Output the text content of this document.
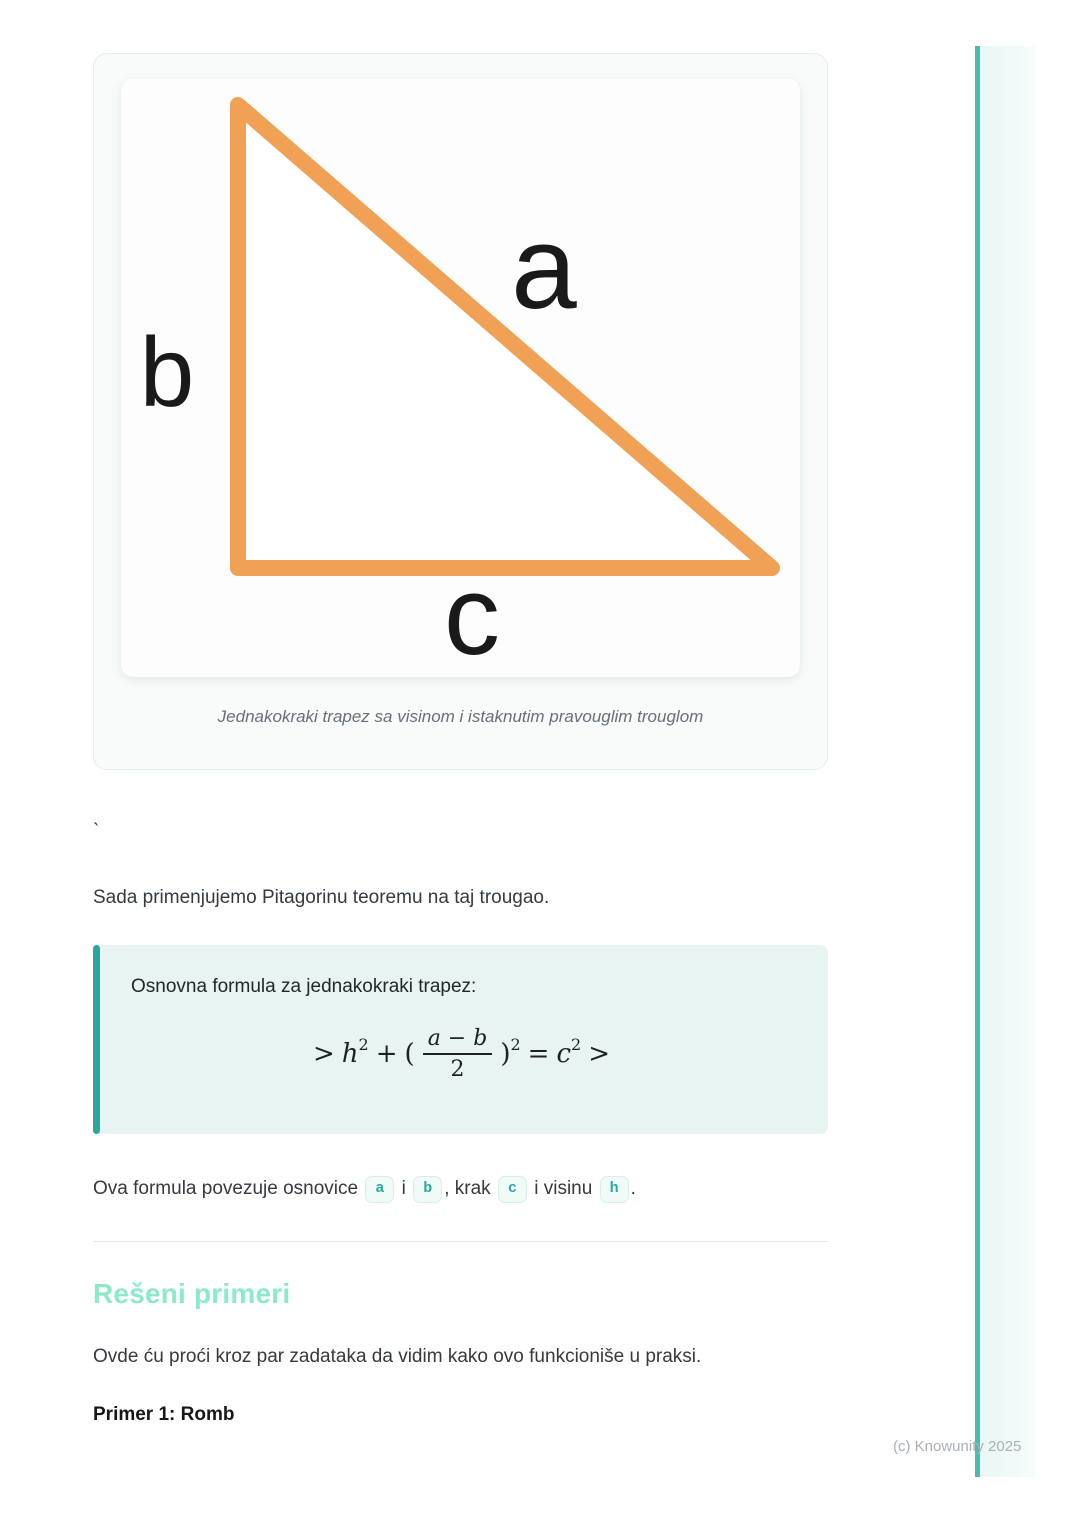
a
b
c
Jednakokraki trapez sa visinom i istaknutim pravouglim trouglom
`

Sada primenjujemo Pitagorinu teoremu na taj trougao.

Osnovna formula za jednakokraki trapez:
> $h^2$ + ( $\frac{a - b}{2} )^2 = c^2$ >

Ova formula povezuje osnovice a i b , krak c i visinu h .

Rešeni primeri

Ovde ću proći kroz par zadataka da vidim kako ovo funkcioniše u praksi.

Primer 1: Romb
(c) Knowunity 2025
